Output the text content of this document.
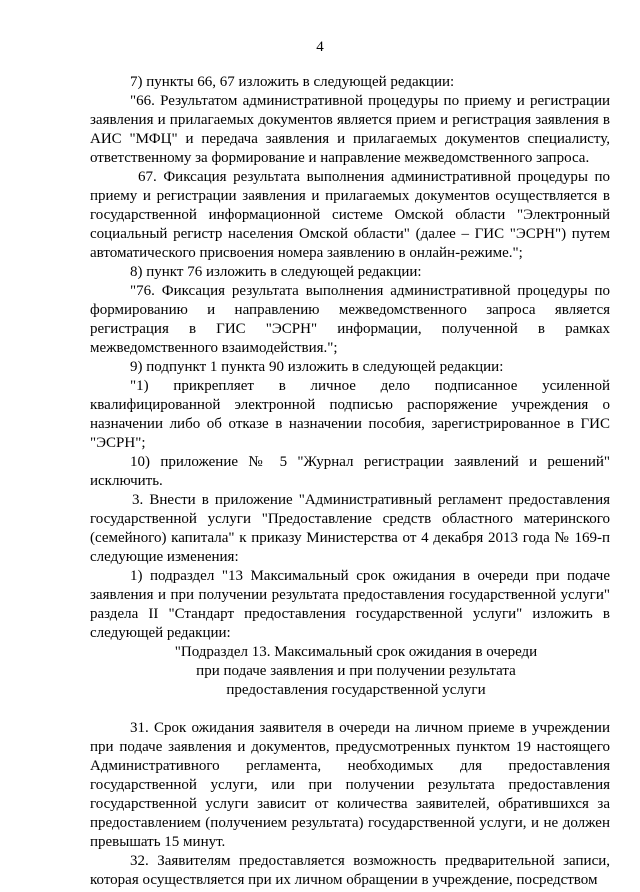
4

7) пункты 66, 67 изложить в следующей редакции:

"66. Результатом административной процедуры по приему и регистрации заявления и прилагаемых документов является прием и регистрация заявления в АИС "МФЦ" и передача заявления и прилагаемых документов специалисту, ответственному за формирование и направление межведомственного запроса.

67. Фиксация результата выполнения административной процедуры по приему и регистрации заявления и прилагаемых документов осуществляется в государственной информационной системе Омской области "Электронный социальный регистр населения Омской области" (далее – ГИС "ЭСРН") путем автоматического присвоения номера заявлению в онлайн-режиме.";

8) пункт 76 изложить в следующей редакции:

"76. Фиксация результата выполнения административной процедуры по формированию и направлению межведомственного запроса является регистрация в ГИС "ЭСРН" информации, полученной в рамках межведомственного взаимодействия.";

9) подпункт 1 пункта 90 изложить в следующей редакции:

"1) прикрепляет в личное дело подписанное усиленной квалифицированной электронной подписью распоряжение учреждения о назначении либо об отказе в назначении пособия, зарегистрированное в ГИС "ЭСРН";

10) приложение № 5 "Журнал регистрации заявлений и решений" исключить.

3. Внести в приложение "Административный регламент предоставления государственной услуги "Предоставление средств областного материнского (семейного) капитала" к приказу Министерства от 4 декабря 2013 года № 169-п следующие изменения:

1) подраздел "13 Максимальный срок ожидания в очереди при подаче заявления и при получении результата предоставления государственной услуги" раздела II "Стандарт предоставления государственной услуги" изложить в следующей редакции:

"Подраздел 13. Максимальный срок ожидания в очереди

при подаче заявления и при получении результата

предоставления государственной услуги

31. Срок ожидания заявителя в очереди на личном приеме в учреждении при подаче заявления и документов, предусмотренных пунктом 19 настоящего Административного регламента, необходимых для предоставления государственной услуги, или при получении результата предоставления государственной услуги зависит от количества заявителей, обратившихся за предоставлением (получением результата) государственной услуги, и не должен превышать 15 минут.

32. Заявителям предоставляется возможность предварительной записи, которая осуществляется при их личном обращении в учреждение, посредством
